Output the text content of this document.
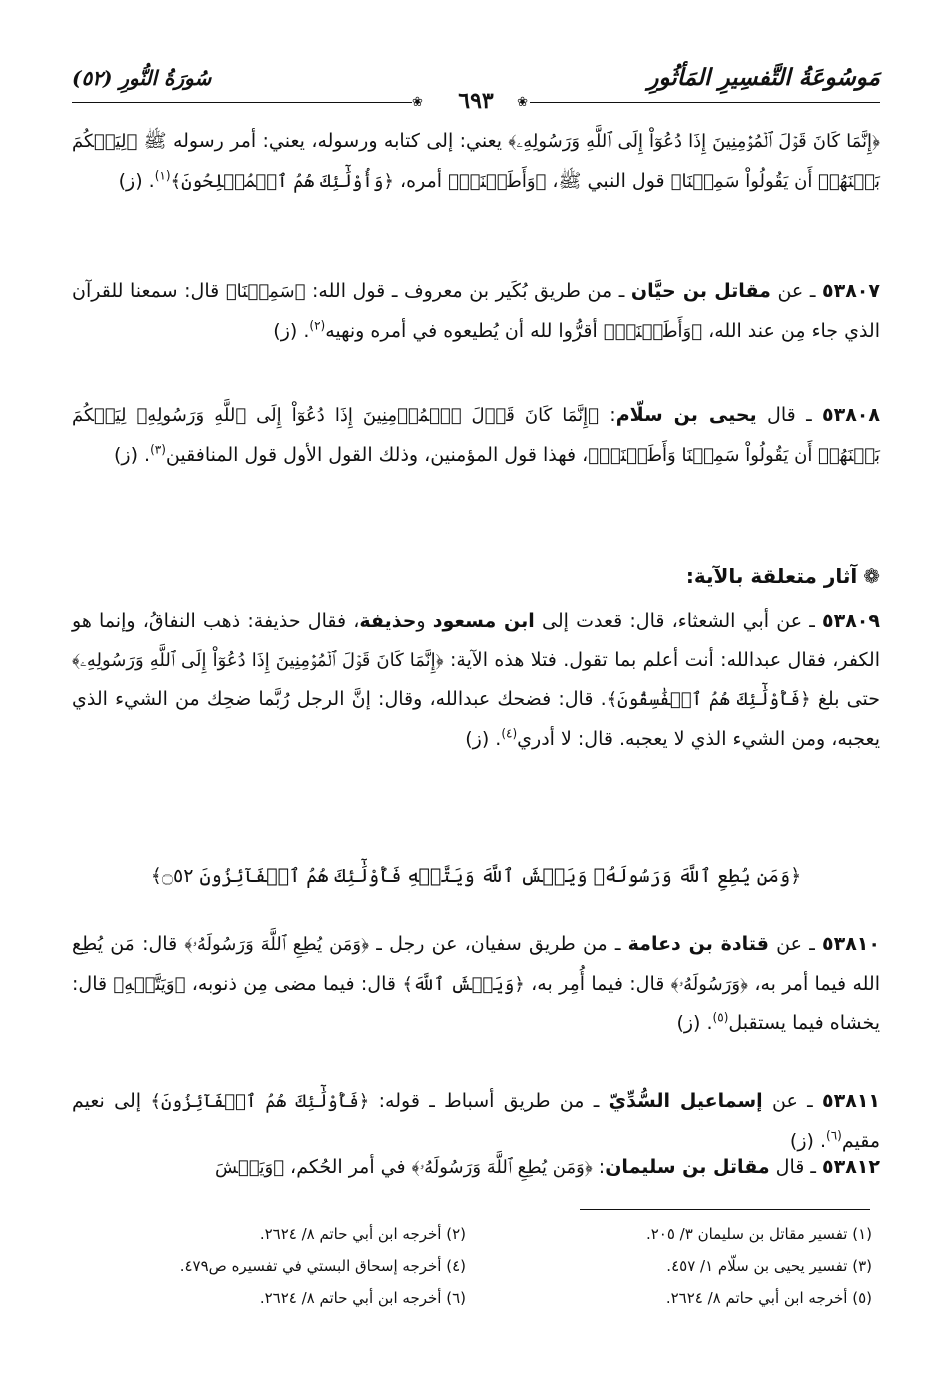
مَوسُوعَةُ التَّفسِيرِ المَأثُورِ
سُورَةُ النُّورِ (٥٢)
❀
❀	٦٩٣
﴿إِنَّمَا كَانَ قَوۡلَ ٱلۡمُؤۡمِنِينَ إِذَا دُعُوٓاْ إِلَى ٱللَّهِ وَرَسُولِهِۦ﴾ يعني: إلى كتابه ورسوله، يعني: أمر رسوله ﷺ ﴿لِيَحۡكُمَ بَيۡنَهُمۡ أَن يَقُولُواْ سَمِعۡنَا﴾ قول النبي ﷺ، ﴿وَأَطَعۡنَاۚ﴾ أمره، ﴿وَأُوْلَٰٓئِكَ هُمُ ٱلۡمُفۡلِحُونَ﴾$^{(١)}$. (ز)
٥٣٨٠٧ ـ عن مقاتل بن حيَّان ـ من طريق بُكَير بن معروف ـ قول الله: ﴿سَمِعۡنَا﴾ قال: سمعنا للقرآن الذي جاء مِن عند الله، ﴿وَأَطَعۡنَاۚ﴾ أقرُّوا لله أن يُطيعوه في أمره ونهيه$^{(٢)}$. (ز)
٥٣٨٠٨ ـ قال يحيى بن سلّام: ﴿إِنَّمَا كَانَ قَوۡلَ ٱلۡمُؤۡمِنِينَ إِذَا دُعُوٓاْ إِلَى ٱللَّهِ وَرَسُولِهِۦ لِيَحۡكُمَ بَيۡنَهُمۡ أَن يَقُولُواْ سَمِعۡنَا وَأَطَعۡنَاۚ﴾، فهذا قول المؤمنين، وذلك القول الأول قول المنافقين$^{(٣)}$. (ز)
❁آثار متعلقة بالآية:
٥٣٨٠٩ ـ عن أبي الشعثاء، قال: قعدت إلى ابن مسعود وحذيفة، فقال حذيفة: ذهب النفاقُ، وإنما هو الكفر، فقال عبدالله: أنت أعلم بما تقول. فتلا هذه الآية: ﴿إِنَّمَا كَانَ قَوۡلَ ٱلۡمُؤۡمِنِينَ إِذَا دُعُوٓاْ إِلَى ٱللَّهِ وَرَسُولِهِۦ﴾ حتى بلغ ﴿فَأُوْلَٰٓئِكَ هُمُ ٱلۡفَٰسِقُونَ﴾. قال: فضحك عبدالله، وقال: إنَّ الرجل رُبَّما ضحِك من الشيء الذي يعجبه، ومن الشيء الذي لا يعجبه. قال: لا أدري$^{(٤)}$. (ز)
﴿وَمَن يُطِعِ ٱللَّهَ وَرَسُولَهُۥ وَيَخۡشَ ٱللَّهَ وَيَتَّقۡهِ فَأُوْلَٰٓئِكَ هُمُ ٱلۡفَآئِزُونَ ۝٥٢﴾
٥٣٨١٠ ـ عن قتادة بن دعامة ـ من طريق سفيان، عن رجل ـ ﴿وَمَن يُطِعِ ٱللَّهَ وَرَسُولَهُۥ﴾ قال: مَن يُطِع الله فيما أمر به، ﴿وَرَسُولَهُۥ﴾ قال: فيما أُمِر به، ﴿وَيَخۡشَ ٱللَّهَ﴾ قال: فيما مضى مِن ذنوبه، ﴿وَيَتَّقۡهِ﴾ قال: يخشاه فيما يستقبل$^{(٥)}$. (ز)
٥٣٨١١ ـ عن إسماعيل السُّدِّيّ ـ من طريق أسباط ـ قوله: ﴿فَأُوْلَٰٓئِكَ هُمُ ٱلۡفَآئِزُونَ﴾ إلى نعيم مقيم$^{(٦)}$. (ز)
٥٣٨١٢ ـ قال مقاتل بن سليمان: ﴿وَمَن يُطِعِ ٱللَّهَ وَرَسُولَهُۥ﴾ في أمر الحُكم، ﴿وَيَخۡشَ
(١) تفسير مقاتل بن سليمان ٣/ ٢٠٥.
(٢) أخرجه ابن أبي حاتم ٨/ ٢٦٢٤.
(٣) تفسير يحيى بن سلّام ١/ ٤٥٧.
(٤) أخرجه إسحاق البستي في تفسيره ص٤٧٩.
(٥) أخرجه ابن أبي حاتم ٨/ ٢٦٢٤.
(٦) أخرجه ابن أبي حاتم ٨/ ٢٦٢٤.
